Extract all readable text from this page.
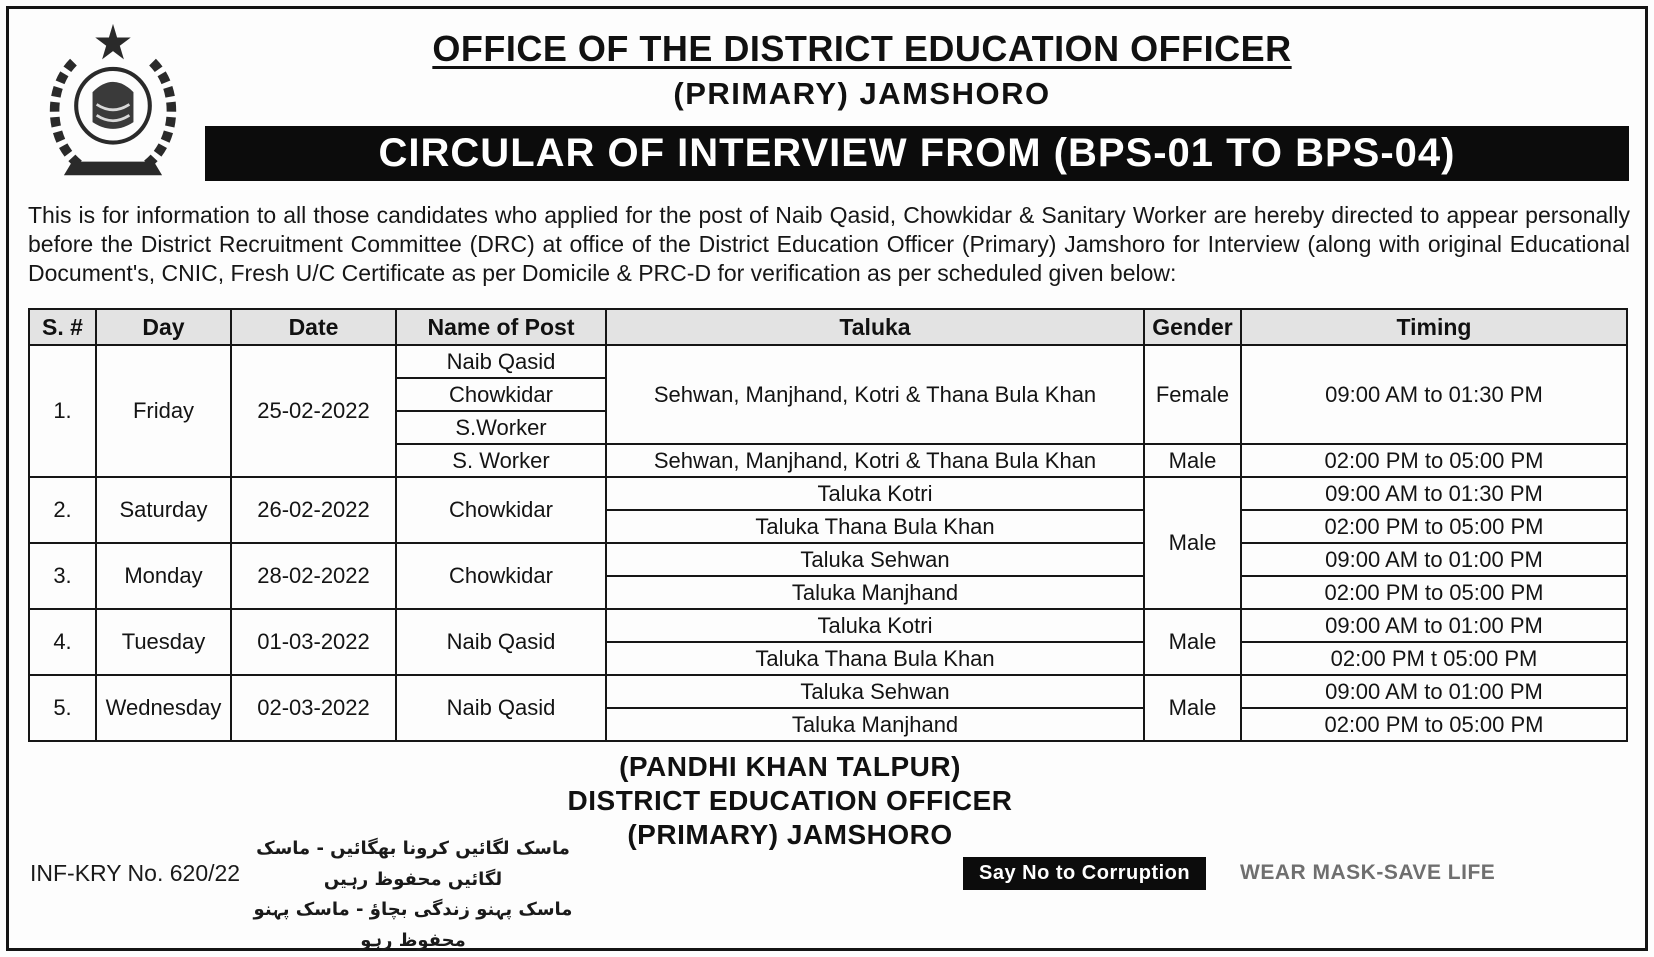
OFFICE OF THE DISTRICT EDUCATION OFFICER
(PRIMARY) JAMSHORO
CIRCULAR OF INTERVIEW FROM (BPS-01 TO BPS-04)

This is for information to all those candidates who applied for the post of Naib Qasid, Chowkidar & Sanitary Worker are hereby directed to appear personally before the District Recruitment Committee (DRC) at office of the District Education Officer (Primary) Jamshoro for Interview (along with original Educational Document's, CNIC, Fresh U/C Certificate as per Domicile & PRC-D for verification as per scheduled given below:

S. #	Day	Date	Name of Post	Taluka	Gender	Timing
1.	Friday	25-02-2022	Naib Qasid	Sehwan, Manjhand, Kotri & Thana Bula Khan	Female	09:00 AM to 01:30 PM
			Chowkidar			
			S.Worker			
			S. Worker	Sehwan, Manjhand, Kotri & Thana Bula Khan	Male	02:00 PM to 05:00 PM
2.	Saturday	26-02-2022	Chowkidar	Taluka Kotri	Male	09:00 AM to 01:30 PM
				Taluka Thana Bula Khan		02:00 PM to 05:00 PM
3.	Monday	28-02-2022	Chowkidar	Taluka Sehwan		09:00 AM to 01:00 PM
				Taluka Manjhand		02:00 PM to 05:00 PM
4.	Tuesday	01-03-2022	Naib Qasid	Taluka Kotri	Male	09:00 AM to 01:00 PM
				Taluka Thana Bula Khan		02:00 PM t 05:00 PM
5.	Wednesday	02-03-2022	Naib Qasid	Taluka Sehwan	Male	09:00 AM to 01:00 PM
				Taluka Manjhand		02:00 PM to 05:00 PM
(PANDHI KHAN TALPUR)
DISTRICT EDUCATION OFFICER
(PRIMARY) JAMSHORO
INF-KRY No. 620/22
ماسک لگائیں کرونا بھگائیں - ماسک لگائیں محفوظ رہیں
ماسک پہنو زندگی بچاؤ - ماسک پہنو محفوظ رہو
Say No to Corruption	WEAR MASK-SAVE LIFE
